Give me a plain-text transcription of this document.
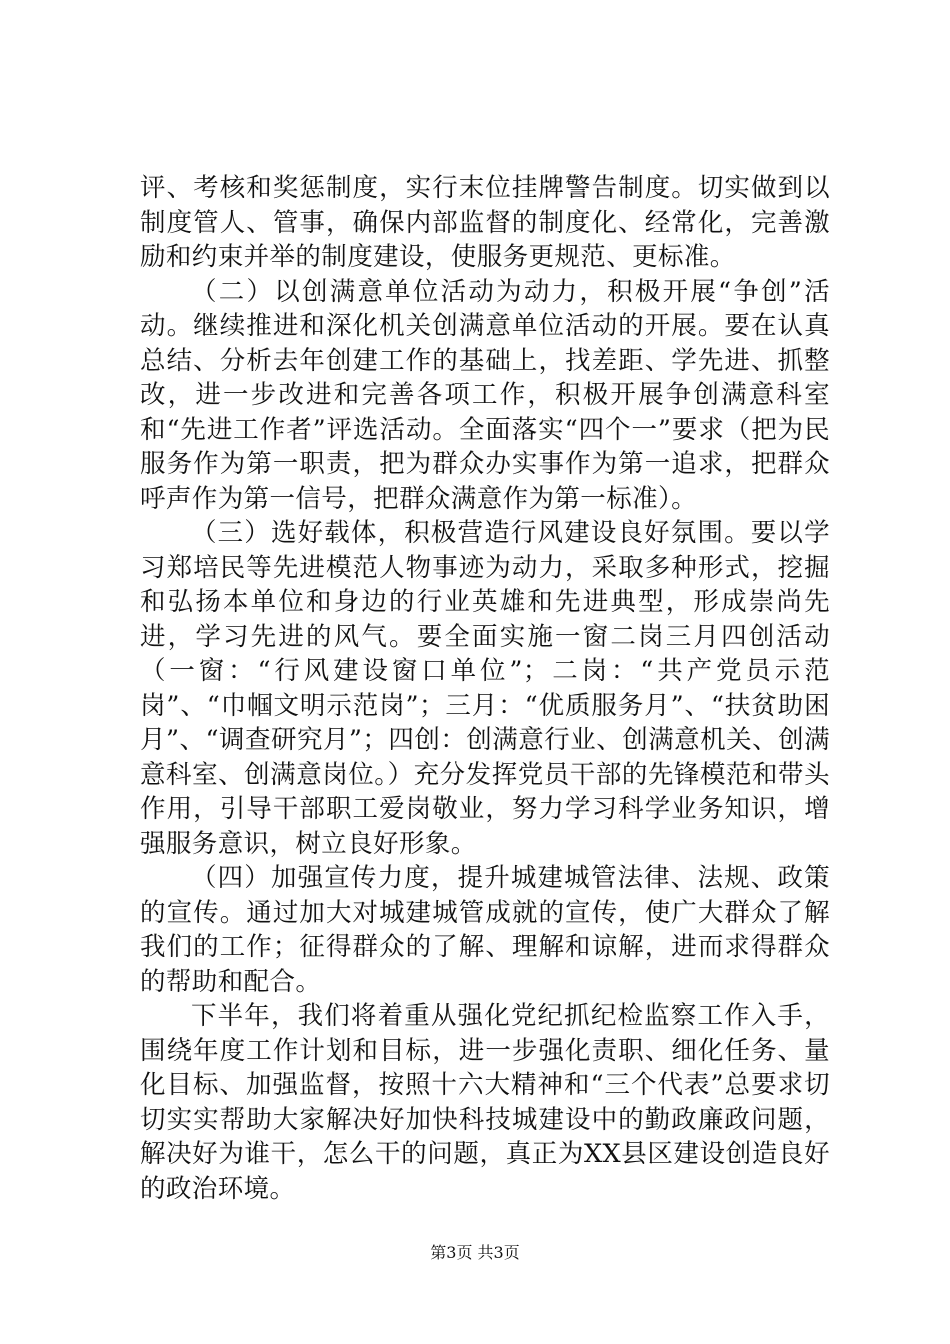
评、考核和奖惩制度，实行末位挂牌警告制度。切实做到以制度管人、管事，确保内部监督的制度化、经常化，完善激励和约束并举的制度建设，使服务更规范、更标准。

（二）以创满意单位活动为动力，积极开展“争创”活动。继续推进和深化机关创满意单位活动的开展。要在认真总结、分析去年创建工作的基础上，找差距、学先进、抓整改，进一步改进和完善各项工作，积极开展争创满意科室和“先进工作者”评选活动。全面落实“四个一”要求（把为民服务作为第一职责，把为群众办实事作为第一追求，把群众呼声作为第一信号，把群众满意作为第一标准）。

（三）选好载体，积极营造行风建设良好氛围。要以学习郑培民等先进模范人物事迹为动力，采取多种形式，挖掘和弘扬本单位和身边的行业英雄和先进典型，形成崇尚先进，学习先进的风气。要全面实施一窗二岗三月四创活动（一窗：“行风建设窗口单位”；二岗：“共产党员示范岗”、“巾帼文明示范岗”；三月：“优质服务月”、“扶贫助困月”、“调查研究月”；四创：创满意行业、创满意机关、创满意科室、创满意岗位。）充分发挥党员干部的先锋模范和带头作用，引导干部职工爱岗敬业，努力学习科学业务知识，增强服务意识，树立良好形象。

（四）加强宣传力度，提升城建城管法律、法规、政策的宣传。通过加大对城建城管成就的宣传，使广大群众了解我们的工作；征得群众的了解、理解和谅解，进而求得群众的帮助和配合。

下半年，我们将着重从强化党纪抓纪检监察工作入手，围绕年度工作计划和目标，进一步强化责职、细化任务、量化目标、加强监督，按照十六大精神和“三个代表”总要求切切实实帮助大家解决好加快科技城建设中的勤政廉政问题，解决好为谁干，怎么干的问题，真正为XX县区建设创造良好的政治环境。

第3页 共3页
